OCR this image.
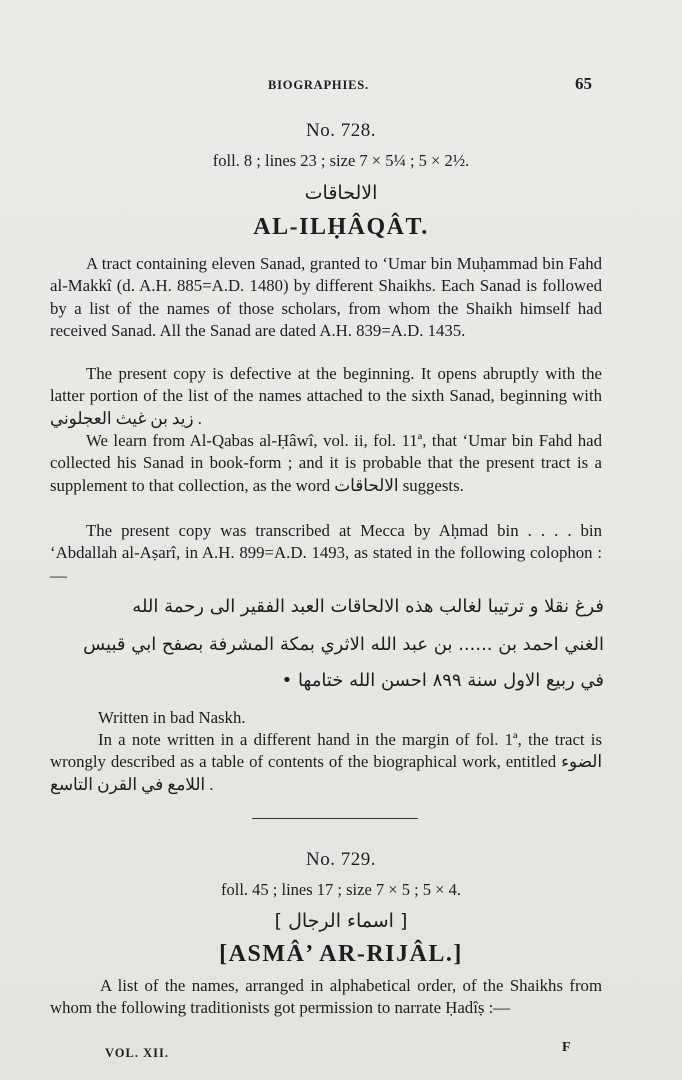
BIOGRAPHIES.	65
No. 728.
foll. 8 ; lines 23 ; size 7 × 5¼ ; 5 × 2½.
الالحاقات
AL-ILḤÂQÂT.
A tract containing eleven Sanad, granted to ‘Umar bin Muḥammad bin Fahd al-Makkî (d. A.H. 885=A.D. 1480) by different Shaikhs. Each Sanad is followed by a list of the names of those scholars, from whom the Shaikh himself had received Sanad. All the Sanad are dated A.H. 839=A.D. 1435.
The present copy is defective at the beginning. It opens abruptly with the latter portion of the list of the names attached to the sixth Sanad, beginning with زيد بن غيث العجلوني .
We learn from Al-Qabas al-Ḥâwî, vol. ii, fol. 11ª, that ‘Umar bin Fahd had collected his Sanad in book-form ; and it is probable that the present tract is a supplement to that collection, as the word الالحاقات suggests.
The present copy was transcribed at Mecca by Aḥmad bin . . . . bin ‘Abdallah al-Aṣarî, in A.H. 899=A.D. 1493, as stated in the following colophon :—
فرغ نقلا و ترتيبا لغالب هذه الالحاقات العبد الفقير الى رحمة الله
الغني احمد بن ...... بن عبد الله الاثري بمكة المشرفة بصفح ابي قبيس
في ربيع الاول سنة ٨٩٩ احسن الله ختامها •
Written in bad Naskh.
In a note written in a different hand in the margin of fol. 1ª, the tract is wrongly described as a table of contents of the biographical work, entitled الضوء اللامع في القرن التاسع .
No. 729.
foll. 45 ; lines 17 ; size 7 × 5 ; 5 × 4.
[ اسماء الرجال ]
[ASMÂ’ AR-RIJÂL.]
A list of the names, arranged in alphabetical order, of the Shaikhs from whom the following traditionists got permission to narrate Ḥadîṣ :—
VOL. XII.	F
